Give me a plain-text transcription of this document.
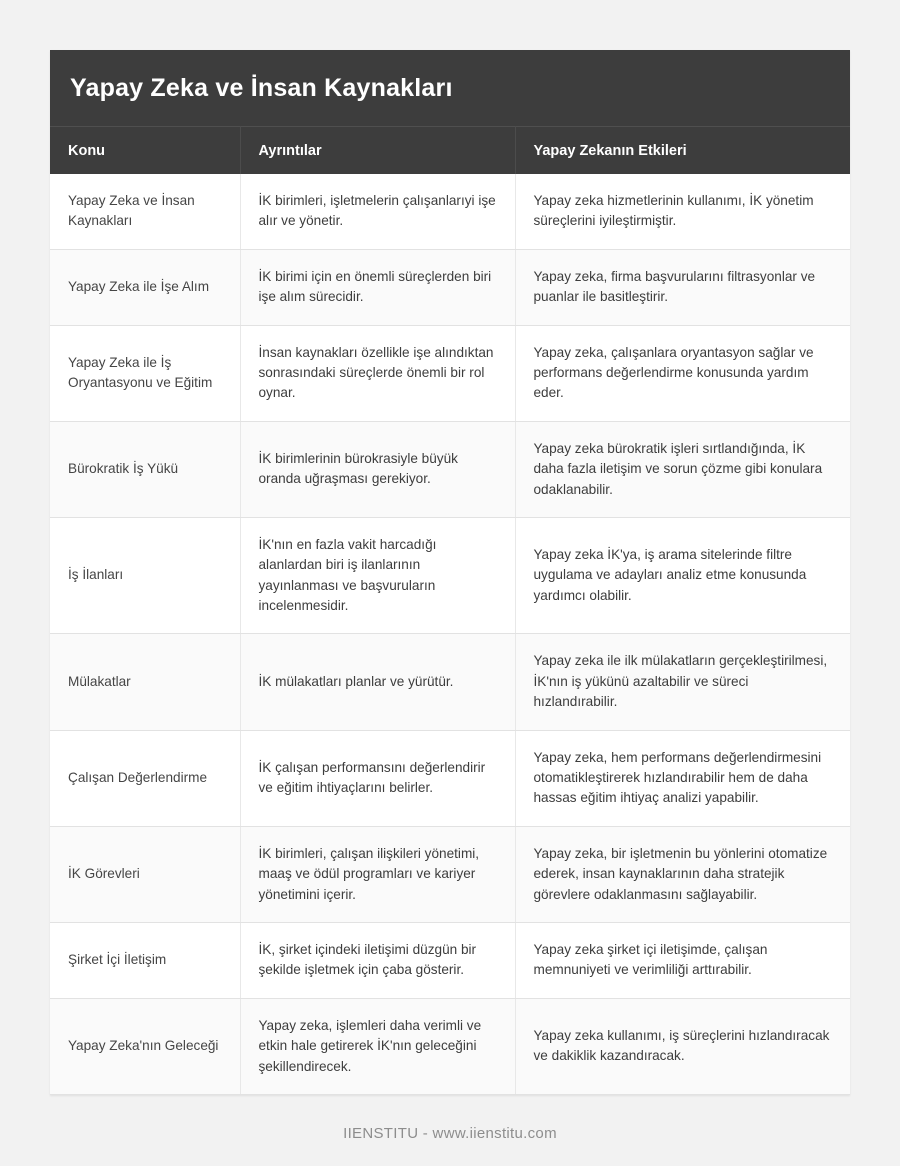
Yapay Zeka ve İnsan Kaynakları
Konu	Ayrıntılar	Yapay Zekanın Etkileri
Yapay Zeka ve İnsan Kaynakları	İK birimleri, işletmelerin çalışanlarıyi işe alır ve yönetir.	Yapay zeka hizmetlerinin kullanımı, İK yönetim süreçlerini iyileştirmiştir.
Yapay Zeka ile İşe Alım	İK birimi için en önemli süreçlerden biri işe alım sürecidir.	Yapay zeka, firma başvurularını filtrasyonlar ve puanlar ile basitleştirir.
Yapay Zeka ile İş Oryantasyonu ve Eğitim	İnsan kaynakları özellikle işe alındıktan sonrasındaki süreçlerde önemli bir rol oynar.	Yapay zeka, çalışanlara oryantasyon sağlar ve performans değerlendirme konusunda yardım eder.
Bürokratik İş Yükü	İK birimlerinin bürokrasiyle büyük oranda uğraşması gerekiyor.	Yapay zeka bürokratik işleri sırtlandığında, İK daha fazla iletişim ve sorun çözme gibi konulara odaklanabilir.
İş İlanları	İK'nın en fazla vakit harcadığı alanlardan biri iş ilanlarının yayınlanması ve başvuruların incelenmesidir.	Yapay zeka İK'ya, iş arama sitelerinde filtre uygulama ve adayları analiz etme konusunda yardımcı olabilir.
Mülakatlar	İK mülakatları planlar ve yürütür.	Yapay zeka ile ilk mülakatların gerçekleştirilmesi, İK'nın iş yükünü azaltabilir ve süreci hızlandırabilir.
Çalışan Değerlendirme	İK çalışan performansını değerlendirir ve eğitim ihtiyaçlarını belirler.	Yapay zeka, hem performans değerlendirmesini otomatikleştirerek hızlandırabilir hem de daha hassas eğitim ihtiyaç analizi yapabilir.
İK Görevleri	İK birimleri, çalışan ilişkileri yönetimi, maaş ve ödül programları ve kariyer yönetimini içerir.	Yapay zeka, bir işletmenin bu yönlerini otomatize ederek, insan kaynaklarının daha stratejik görevlere odaklanmasını sağlayabilir.
Şirket İçi İletişim	İK, şirket içindeki iletişimi düzgün bir şekilde işletmek için çaba gösterir.	Yapay zeka şirket içi iletişimde, çalışan memnuniyeti ve verimliliği arttırabilir.
Yapay Zeka'nın Geleceği	Yapay zeka, işlemleri daha verimli ve etkin hale getirerek İK'nın geleceğini şekillendirecek.	Yapay zeka kullanımı, iş süreçlerini hızlandıracak ve dakiklik kazandıracak.
IIENSTITU - www.iienstitu.com
